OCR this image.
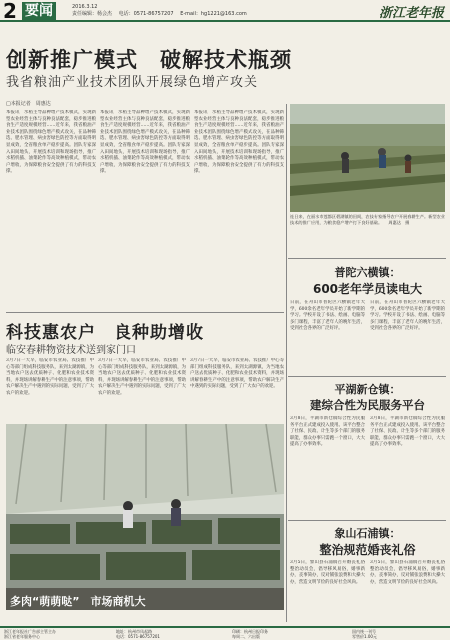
2 要闻	2016.3.12
责任编辑：杨会杰　 电话：0571-86757207　 E-mail：hg1221@163.com	浙江老年报
创新推广模式　破解技术瓶颈
我省粮油产业技术团队开展绿色增产攻关
□本报记者　周惠达
本报讯　水稻主导品种增产技术模式，实现新型农业经营主体与良种良法配套，稳步推进粮食生产适度规模经营……近年来，我省粮油产业技术团队围绕绿色增产模式攻关，在品种筛选、肥水管理、病虫害绿色防控等方面取得明显成效，全省粮食单产稳步提高。团队专家深入田间地头，开展技术培训和现场指导，推广水稻机插、油菜轮作等高效种植模式，带动农户增收，为保障粮食安全提供了有力的科技支撑。
本报讯　水稻主导品种增产技术模式，实现新型农业经营主体与良种良法配套，稳步推进粮食生产适度规模经营……近年来，我省粮油产业技术团队围绕绿色增产模式攻关，在品种筛选、肥水管理、病虫害绿色防控等方面取得明显成效，全省粮食单产稳步提高。团队专家深入田间地头，开展技术培训和现场指导，推广水稻机插、油菜轮作等高效种植模式，带动农户增收，为保障粮食安全提供了有力的科技支撑。
本报讯　水稻主导品种增产技术模式，实现新型农业经营主体与良种良法配套，稳步推进粮食生产适度规模经营……近年来，我省粮油产业技术团队围绕绿色增产模式攻关，在品种筛选、肥水管理、病虫害绿色防控等方面取得明显成效，全省粮食单产稳步提高。团队专家深入田间地头，开展技术培训和现场指导，推广水稻机插、油菜轮作等高效种植模式，带动农户增收，为保障粮食安全提供了有力的科技支撑。
连日来，在丽水市莲都区碧湖镇的田间，农技专家指导农户开展春耕生产。新型农业技术的推广应用，为粮食稳产增产打下良好基础。　　周惠达　摄
普陀六横镇：
600老年学员读电大
日前，在舟山市普陀区六横镇老年大学，600余名老年学员开始了新学期的学习。学校开设了书法、绘画、电脑等多门课程，丰富了老年人的晚年生活，受到社会各界的广泛好评。
日前，在舟山市普陀区六横镇老年大学，600余名老年学员开始了新学期的学习。学校开设了书法、绘画、电脑等多门课程，丰富了老年人的晚年生活，受到社会各界的广泛好评。
平湖新仓镇：
建综合性为民服务平台
3月8日，平湖市新仓镇综合性为民服务平台正式建成投入使用。该平台整合了社保、民政、计生等多个部门的服务职能，群众办事只需跑一个窗口，大大提高了办事效率。
3月8日，平湖市新仓镇综合性为民服务平台正式建成投入使用。该平台整合了社保、民政、计生等多个部门的服务职能，群众办事只需跑一个窗口，大大提高了办事效率。
象山石浦镇：
整治规范婚丧礼俗
3月5日，象山县石浦镇召开婚丧礼俗整治动员会，倡导移风易俗，婚事新办，丧事简办，反对铺张浪费和大操大办，营造文明节俭的良好社会风尚。
3月5日，象山县石浦镇召开婚丧礼俗整治动员会，倡导移风易俗，婚事新办，丧事简办，反对铺张浪费和大操大办，营造文明节俭的良好社会风尚。
科技惠农户　良种助增收
临安春耕物资技术送到家门口
3月7日一大早，临安市农业局、农技推广中心等部门组成科技服务队，来到太湖源镇，为当地农户送去优质种子、化肥和农业技术资料，并现场讲解春耕生产中的注意事项，帮助农户解决生产中遇到的实际问题，受到了广大农户的欢迎。
3月7日一大早，临安市农业局、农技推广中心等部门组成科技服务队，来到太湖源镇，为当地农户送去优质种子、化肥和农业技术资料，并现场讲解春耕生产中的注意事项，帮助农户解决生产中遇到的实际问题，受到了广大农户的欢迎。
3月7日一大早，临安市农业局、农技推广中心等部门组成科技服务队，来到太湖源镇，为当地农户送去优质种子、化肥和农业技术资料，并现场讲解春耕生产中的注意事项，帮助农户解决生产中遇到的实际问题，受到了广大农户的欢迎。
多肉“萌萌哒”　市场商机大
浙江老年报社广告部主管主办
浙江省老年服务中心
地址：杭州市凤起路
电话：0571-86757201
印刷：杭州日报印务
每周二、六出版
国内统一刊号
零售价1.00元
